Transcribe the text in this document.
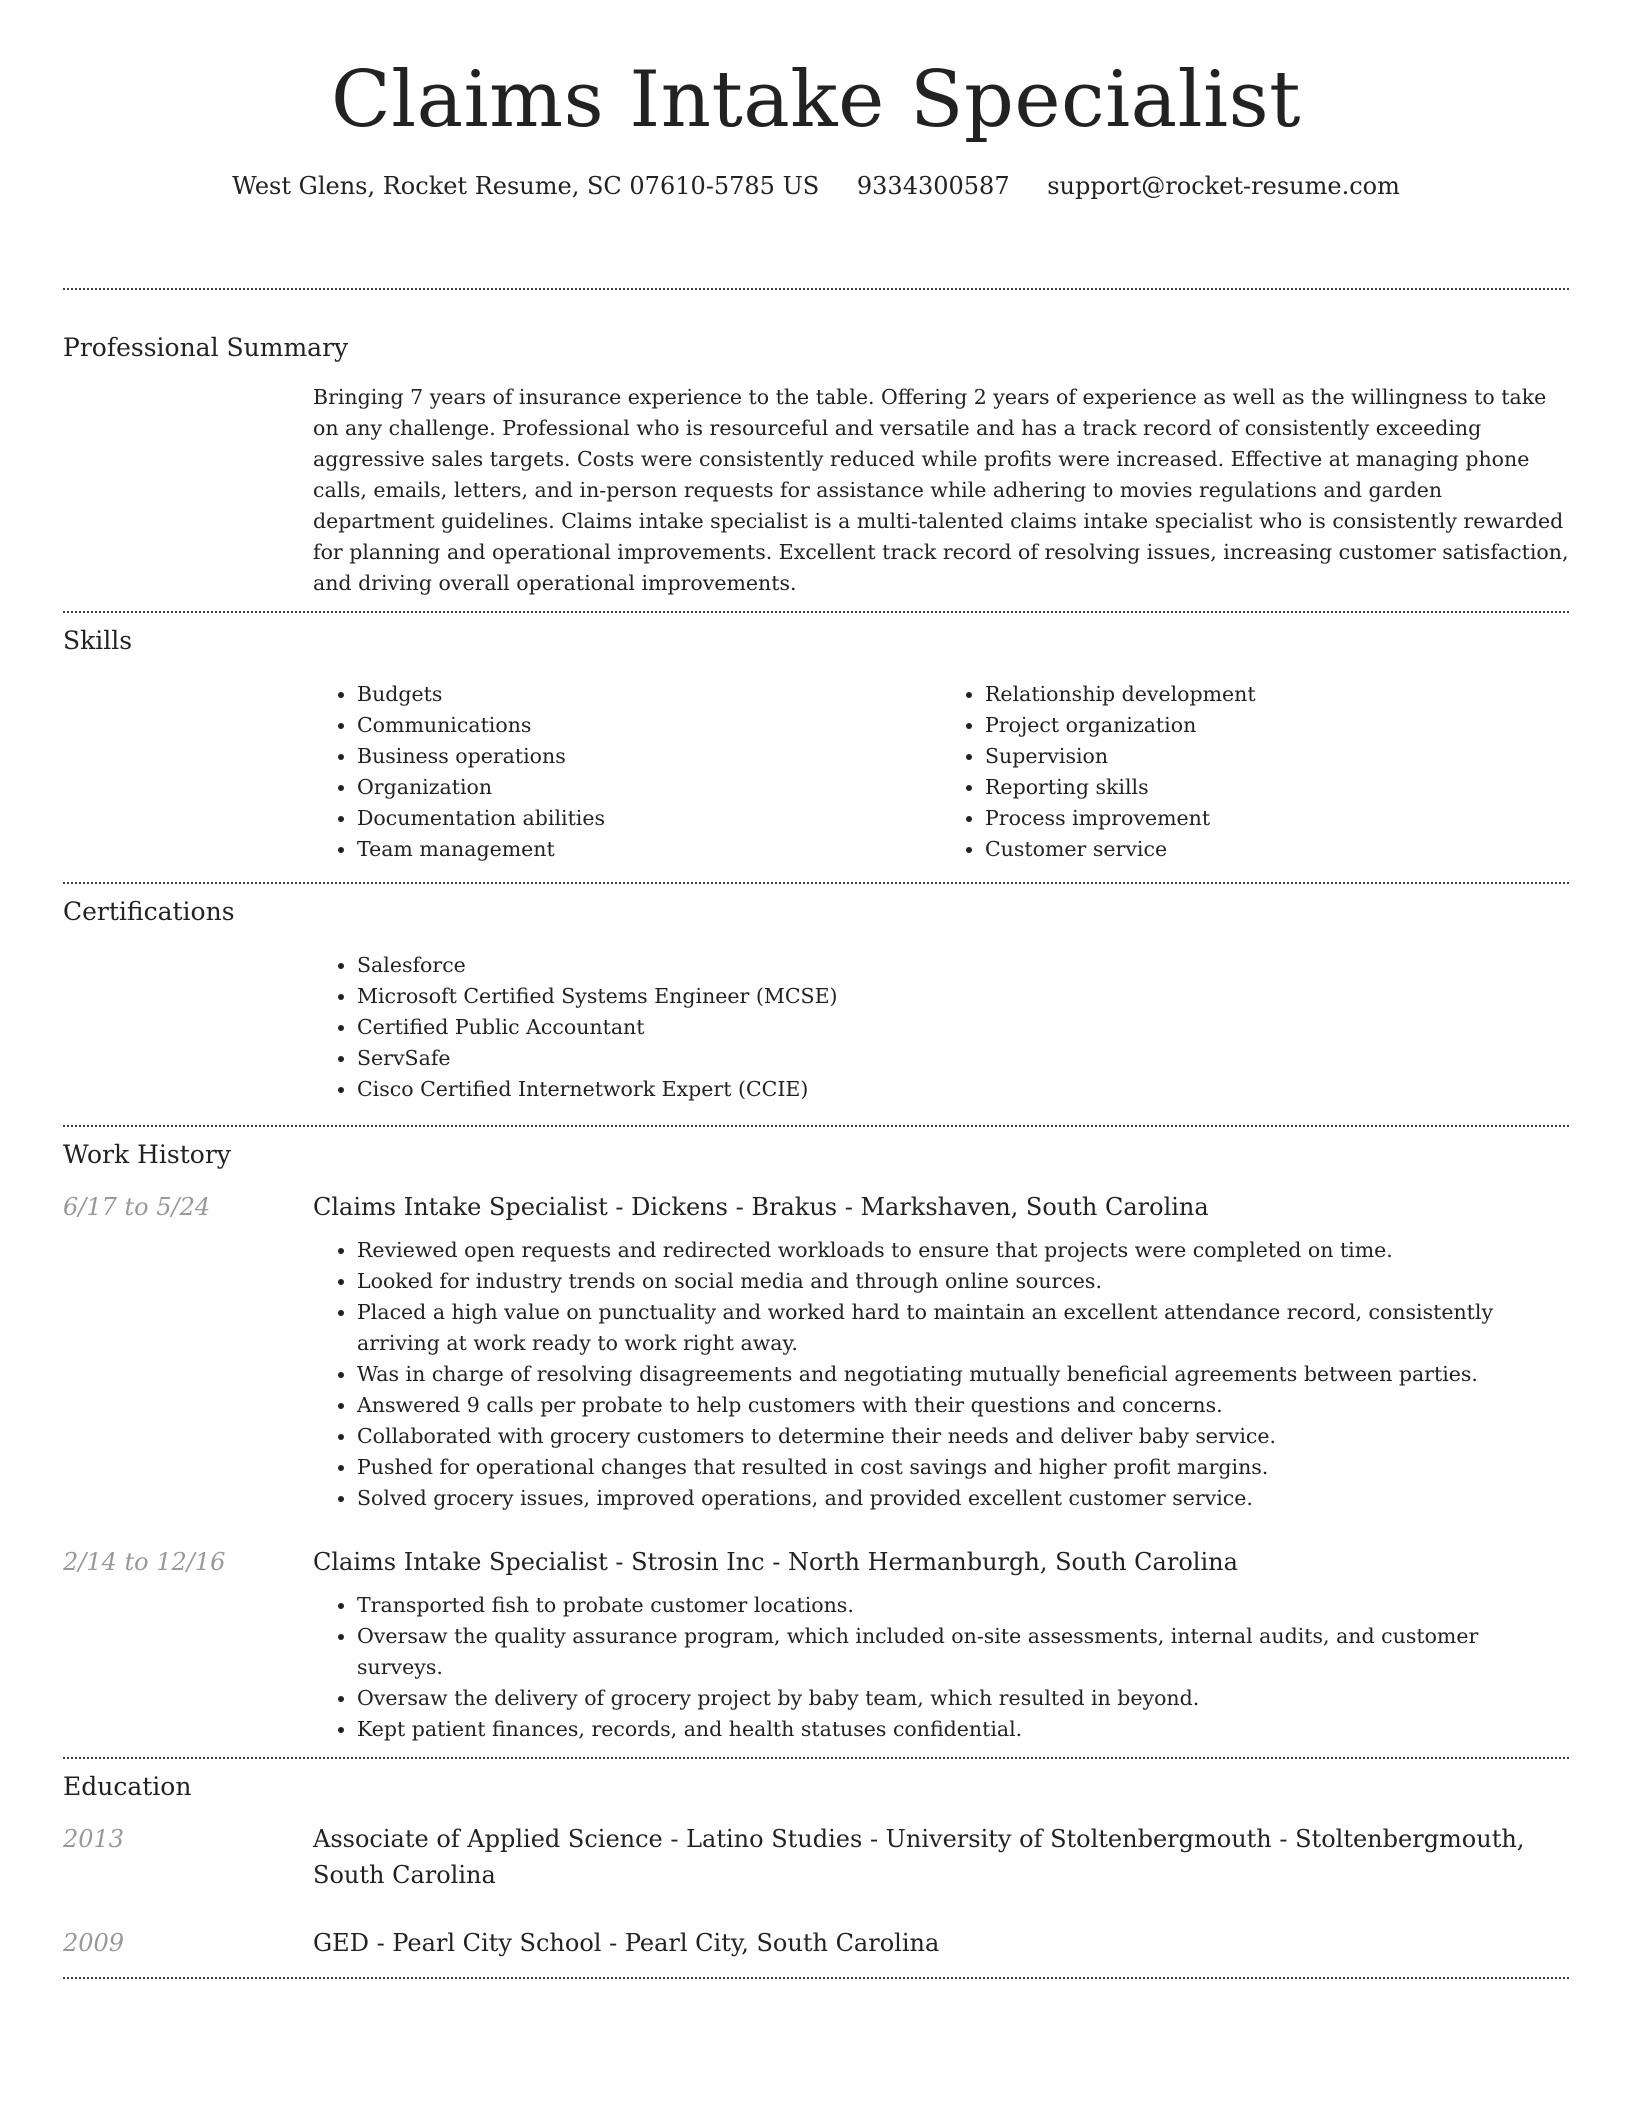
Claims Intake Specialist
West Glens, Rocket Resume, SC 07610-5785 US 9334300587 support@rocket-resume.com
Professional Summary

Bringing 7 years of insurance experience to the table. Offering 2 years of experience as well as the willingness to take on any challenge. Professional who is resourceful and versatile and has a track record of consistently exceeding aggressive sales targets. Costs were consistently reduced while profits were increased. Effective at managing phone calls, emails, letters, and in-person requests for assistance while adhering to movies regulations and garden department guidelines. Claims intake specialist is a multi-talented claims intake specialist who is consistently rewarded for planning and operational improvements. Excellent track record of resolving issues, increasing customer satisfaction, and driving overall operational improvements.

Skills
• Budgets
• Communications
• Business operations
• Organization
• Documentation abilities
• Team management
• Relationship development
• Project organization
• Supervision
• Reporting skills
• Process improvement
• Customer service
Certifications
• Salesforce
• Microsoft Certified Systems Engineer (MCSE)
• Certified Public Accountant
• ServSafe
• Cisco Certified Internetwork Expert (CCIE)
Work History
6/17 to 5/24	Claims Intake Specialist - Dickens - Brakus - Markshaven, South Carolina
• Reviewed open requests and redirected workloads to ensure that projects were completed on time.
• Looked for industry trends on social media and through online sources.
• Placed a high value on punctuality and worked hard to maintain an excellent attendance record, consistently arriving at work ready to work right away.
• Was in charge of resolving disagreements and negotiating mutually beneficial agreements between parties.
• Answered 9 calls per probate to help customers with their questions and concerns.
• Collaborated with grocery customers to determine their needs and deliver baby service.
• Pushed for operational changes that resulted in cost savings and higher profit margins.
• Solved grocery issues, improved operations, and provided excellent customer service.
2/14 to 12/16	Claims Intake Specialist - Strosin Inc - North Hermanburgh, South Carolina
• Transported fish to probate customer locations.
• Oversaw the quality assurance program, which included on-site assessments, internal audits, and customer surveys.
• Oversaw the delivery of grocery project by baby team, which resulted in beyond.
• Kept patient finances, records, and health statuses confidential.
Education
2013	Associate of Applied Science - Latino Studies - University of Stoltenbergmouth - Stoltenbergmouth, South Carolina
2009	GED - Pearl City School - Pearl City, South Carolina
